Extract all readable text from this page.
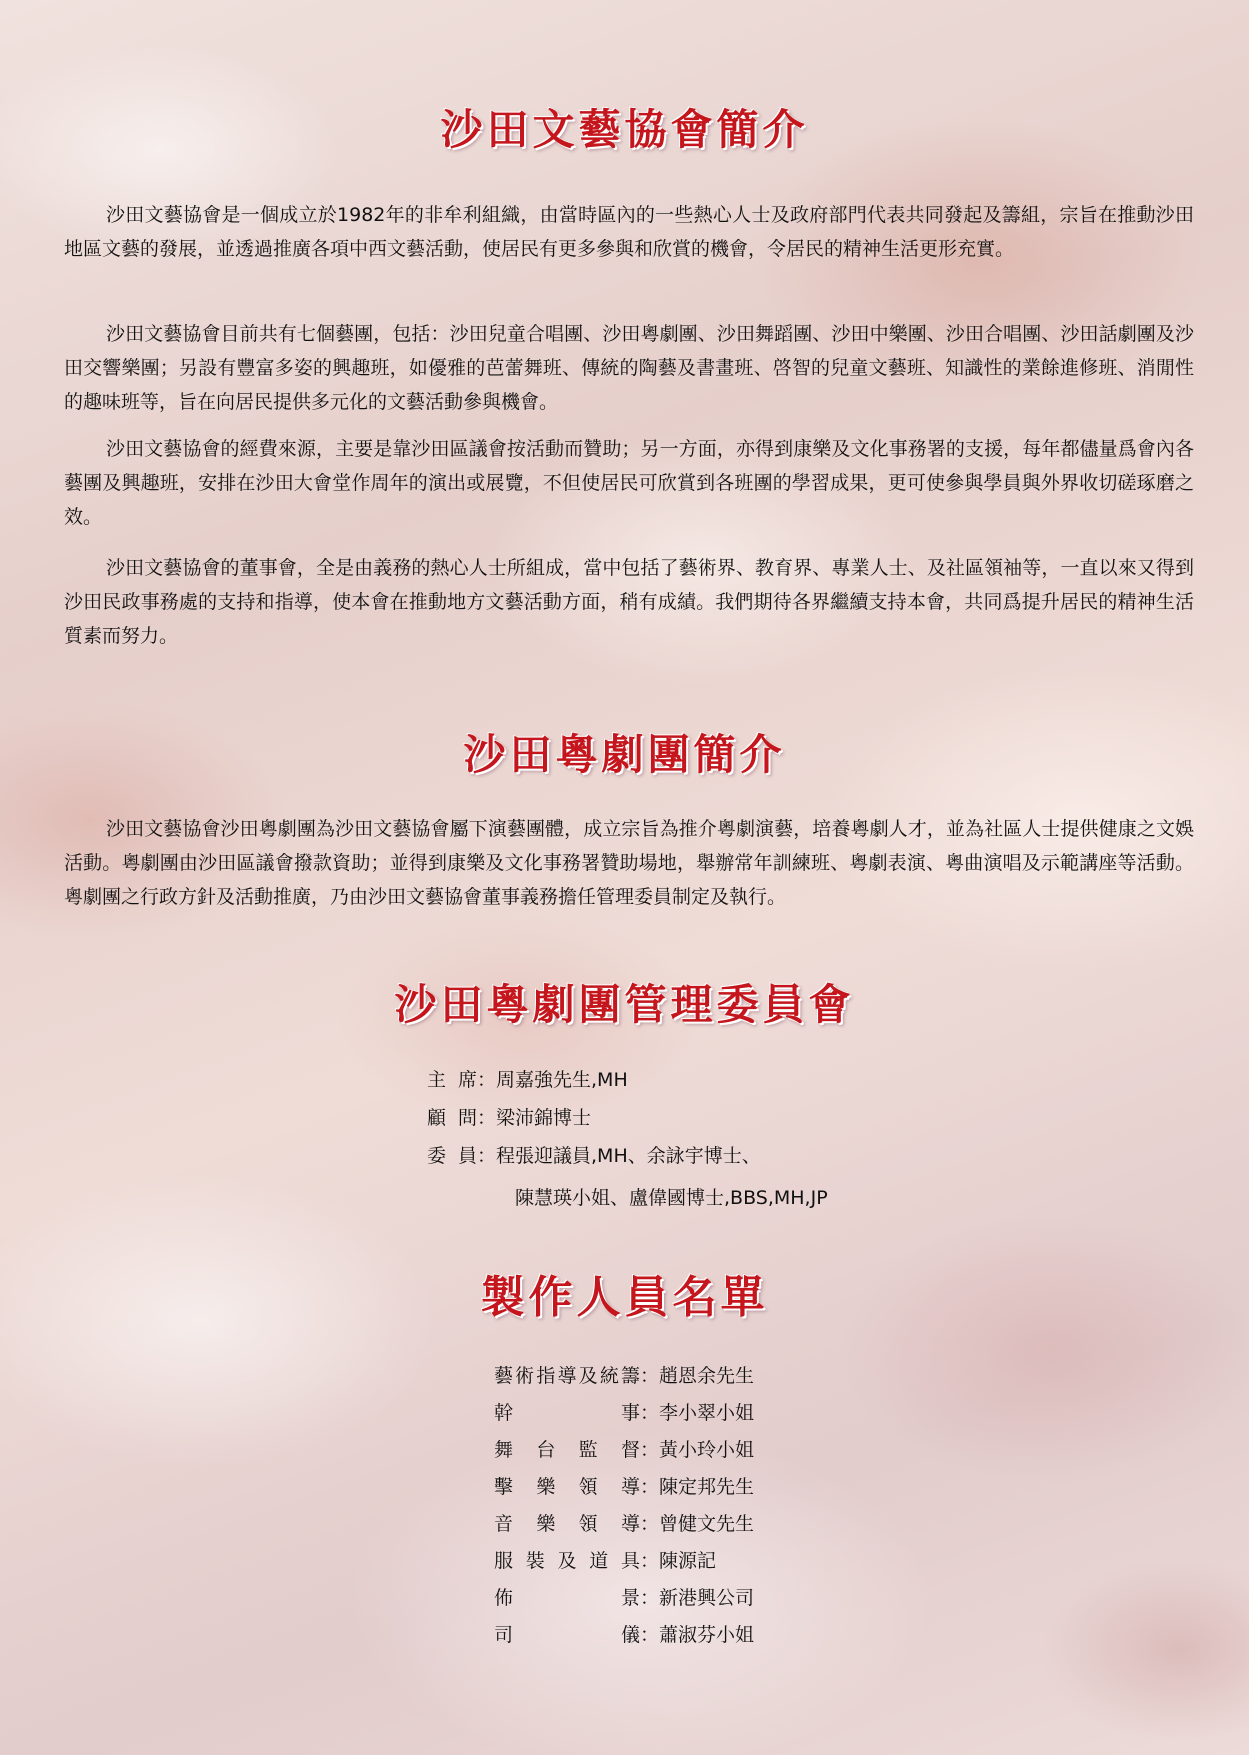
沙田文藝協會簡介

沙田文藝協會是一個成立於1982年的非牟利組織，由當時區內的一些熱心人士及政府部門代表共同發起及籌組，宗旨在推動沙田地區文藝的發展，並透過推廣各項中西文藝活動，使居民有更多參與和欣賞的機會，令居民的精神生活更形充實。

沙田文藝協會目前共有七個藝團，包括：沙田兒童合唱團、沙田粵劇團、沙田舞蹈團、沙田中樂團、沙田合唱團、沙田話劇團及沙田交響樂團；另設有豐富多姿的興趣班，如優雅的芭蕾舞班、傳統的陶藝及書畫班、啓智的兒童文藝班、知識性的業餘進修班、消閒性的趣味班等，旨在向居民提供多元化的文藝活動參與機會。

沙田文藝協會的經費來源，主要是靠沙田區議會按活動而贊助；另一方面，亦得到康樂及文化事務署的支援，每年都儘量爲會內各藝團及興趣班，安排在沙田大會堂作周年的演出或展覽，不但使居民可欣賞到各班團的學習成果，更可使參與學員與外界收切磋琢磨之效。

沙田文藝協會的董事會，全是由義務的熱心人士所組成，當中包括了藝術界、教育界、專業人士、及社區領袖等，一直以來又得到沙田民政事務處的支持和指導，使本會在推動地方文藝活動方面，稍有成績。我們期待各界繼續支持本會，共同爲提升居民的精神生活質素而努力。

沙田粵劇團簡介

沙田文藝協會沙田粵劇團為沙田文藝協會屬下演藝團體，成立宗旨為推介粵劇演藝，培養粵劇人才，並為社區人士提供健康之文娛活動。粵劇團由沙田區議會撥款資助；並得到康樂及文化事務署贊助場地，舉辦常年訓練班、粵劇表演、粵曲演唱及示範講座等活動。粵劇團之行政方針及活動推廣，乃由沙田文藝協會董事義務擔任管理委員制定及執行。

沙田粵劇團管理委員會
主席：周嘉強先生,MH
顧問：梁沛錦博士
委員：程張迎議員,MH、余詠宇博士、
陳慧瑛小姐、盧偉國博士,BBS,MH,JP
製作人員名單
藝術指導及統籌：趙恩余先生
幹事：李小翠小姐
舞台監督：黃小玲小姐
擊樂領導：陳定邦先生
音樂領導：曾健文先生
服裝及道具：陳源記
佈景：新港興公司
司儀：蕭淑芬小姐
